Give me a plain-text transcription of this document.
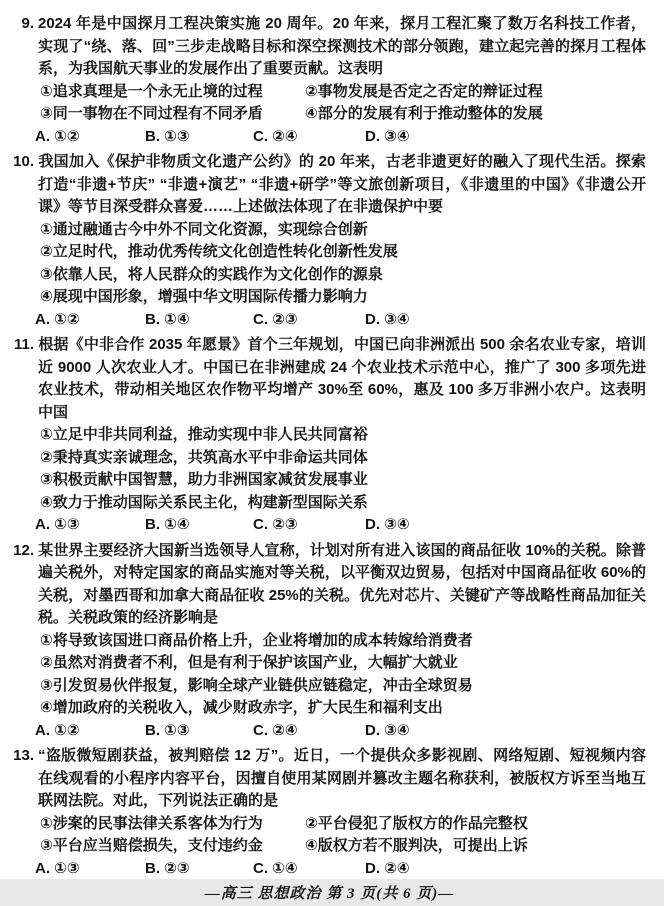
9. 2024 年是中国探月工程决策实施 20 周年。20 年来，探月工程汇聚了数万名科技工作者，实现了“绕、落、回”三步走战略目标和深空探测技术的部分领跑，建立起完善的探月工程体系，为我国航天事业的发展作出了重要贡献。这表明

①追求真理是一个永无止境的过程	②事物发展是否定之否定的辩证过程
③同一事物在不同过程有不同矛盾	④部分的发展有利于推动整体的发展
A. ①②	B. ①③	C. ②④	D. ③④

10. 我国加入《保护非物质文化遗产公约》的 20 年来，古老非遗更好的融入了现代生活。探索打造“非遗+节庆” “非遗+演艺” “非遗+研学”等文旅创新项目，《非遗里的中国》《非遗公开课》等节目深受群众喜爱……上述做法体现了在非遗保护中要

①通过融通古今中外不同文化资源，实现综合创新
②立足时代，推动优秀传统文化创造性转化创新性发展
③依靠人民，将人民群众的实践作为文化创作的源泉
④展现中国形象，增强中华文明国际传播力影响力
A. ①②	B. ①④	C. ②③	D. ③④

11. 根据《中非合作 2035 年愿景》首个三年规划，中国已向非洲派出 500 余名农业专家，培训近 9000 人次农业人才。中国已在非洲建成 24 个农业技术示范中心，推广了 300 多项先进农业技术，带动相关地区农作物平均增产 30%至 60%，惠及 100 多万非洲小农户。这表明中国

①立足中非共同利益，推动实现中非人民共同富裕
②秉持真实亲诚理念，共筑高水平中非命运共同体
③积极贡献中国智慧，助力非洲国家减贫发展事业
④致力于推动国际关系民主化，构建新型国际关系
A. ①③	B. ①④	C. ②③	D. ③④

12. 某世界主要经济大国新当选领导人宣称，计划对所有进入该国的商品征收 10%的关税。除普遍关税外，对特定国家的商品实施对等关税，以平衡双边贸易，包括对中国商品征收 60%的关税，对墨西哥和加拿大商品征收 25%的关税。优先对芯片、关键矿产等战略性商品加征关税。关税政策的经济影响是

①将导致该国进口商品价格上升，企业将增加的成本转嫁给消费者
②虽然对消费者不利，但是有利于保护该国产业，大幅扩大就业
③引发贸易伙伴报复，影响全球产业链供应链稳定，冲击全球贸易
④增加政府的关税收入，减少财政赤字，扩大民生和福利支出
A. ①②	B. ①③	C. ②④	D. ③④

13. “盗版微短剧获益，被判赔偿 12 万”。近日，一个提供众多影视剧、网络短剧、短视频内容在线观看的小程序内容平台，因擅自使用某网剧并篡改主题名称获利，被版权方诉至当地互联网法院。对此，下列说法正确的是

①涉案的民事法律关系客体为行为	②平台侵犯了版权方的作品完整权
③平台应当赔偿损失，支付违约金	④版权方若不服判决，可提出上诉
A. ①③	B. ②③	C. ①④	D. ②④
—高三 思想政治 第 3 页(共 6 页)—
